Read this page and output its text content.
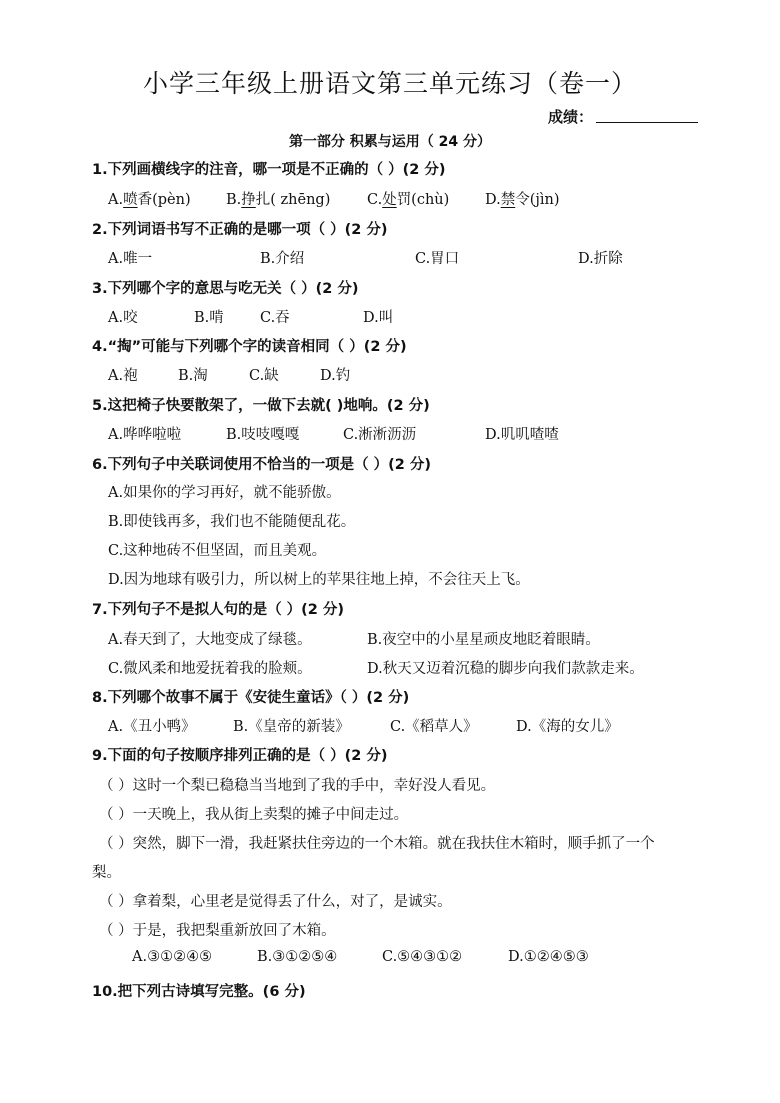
小学三年级上册语文第三单元练习（卷一）
成绩：
第一部分 积累与运用（ 24 分）
1.下列画横线字的注音，哪一项是不正确的（ ）(2 分)
A.喷香(pèn) B.挣扎( zhēng)	C.处罚(chù) D.禁令(jìn)
2.下列词语书写不正确的是哪一项（ ）(2 分)
A.唯一	B.介绍	C.胃口	D.折除
3.下列哪个字的意思与吃无关（ ）(2 分)
A.咬	B.啃 C.吞	D.叫
4.“掏”可能与下列哪个字的读音相同（ ）(2 分)
A.袍	B.淘	C.缺	D.钓
5.这把椅子快要散架了，一做下去就( )地响。(2 分)
A.哗哗啦啦	B.吱吱嘎嘎	C.淅淅沥沥	D.叽叽喳喳
6.下列句子中关联词使用不恰当的一项是（ ）(2 分)
A.如果你的学习再好，就不能骄傲。
B.即使钱再多，我们也不能随便乱花。
C.这种地砖不但坚固，而且美观。
D.因为地球有吸引力，所以树上的苹果往地上掉，不会往天上飞。
7.下列句子不是拟人句的是（ ）(2 分)
A.春天到了，大地变成了绿毯。	B.夜空中的小星星顽皮地眨着眼睛。
C.微风柔和地爱抚着我的脸颊。	D.秋天又迈着沉稳的脚步向我们款款走来。
8.下列哪个故事不属于《安徒生童话》（ ）(2 分)
A.《丑小鸭》	B.《皇帝的新装》	C.《稻草人》	D.《海的女儿》
9.下面的句子按顺序排列正确的是（ ）(2 分)
（ ）这时一个梨已稳稳当当地到了我的手中，幸好没人看见。
（ ）一天晚上，我从街上卖梨的摊子中间走过。
（ ）突然，脚下一滑，我赶紧扶住旁边的一个木箱。就在我扶住木箱时，顺手抓了一个
梨。
（ ）拿着梨，心里老是觉得丢了什么，对了，是诚实。
（ ）于是，我把梨重新放回了木箱。
A.③①②④⑤	B.③①②⑤④	C.⑤④③①②	D.①②④⑤③
10.把下列古诗填写完整。(6 分)
